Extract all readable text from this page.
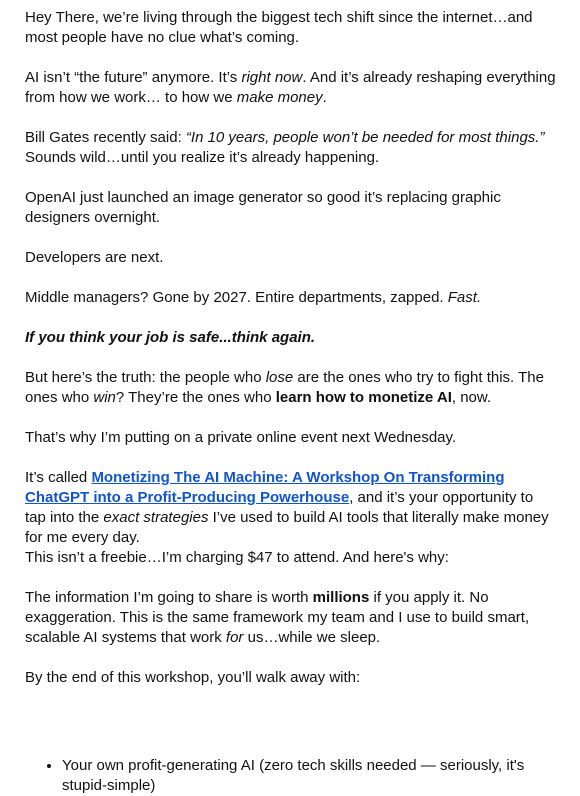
Hey There, we’re living through the biggest tech shift since the internet…and most people have no clue what’s coming.

AI isn’t “the future” anymore. It’s right now. And it’s already reshaping everything from how we work… to how we make money.

Bill Gates recently said: “In 10 years, people won’t be needed for most things.”
Sounds wild…until you realize it’s already happening.

OpenAI just launched an image generator so good it’s replacing graphic designers overnight.

Developers are next.

Middle managers? Gone by 2027. Entire departments, zapped. Fast.

If you think your job is safe...think again.

But here’s the truth: the people who lose are the ones who try to fight this. The ones who win? They’re the ones who learn how to monetize AI, now.

That’s why I’m putting on a private online event next Wednesday.

It’s called Monetizing The AI Machine: A Workshop On Transforming ChatGPT into a Profit-Producing Powerhouse, and it’s your opportunity to tap into the exact strategies I’ve used to build AI tools that literally make money for me every day.
This isn’t a freebie…I’m charging $47 to attend. And here's why:

The information I’m going to share is worth millions if you apply it. No exaggeration. This is the same framework my team and I use to build smart, scalable AI systems that work for us…while we sleep.

By the end of this workshop, you’ll walk away with:

• Your own profit-generating AI (zero tech skills needed — seriously, it's stupid-simple)
